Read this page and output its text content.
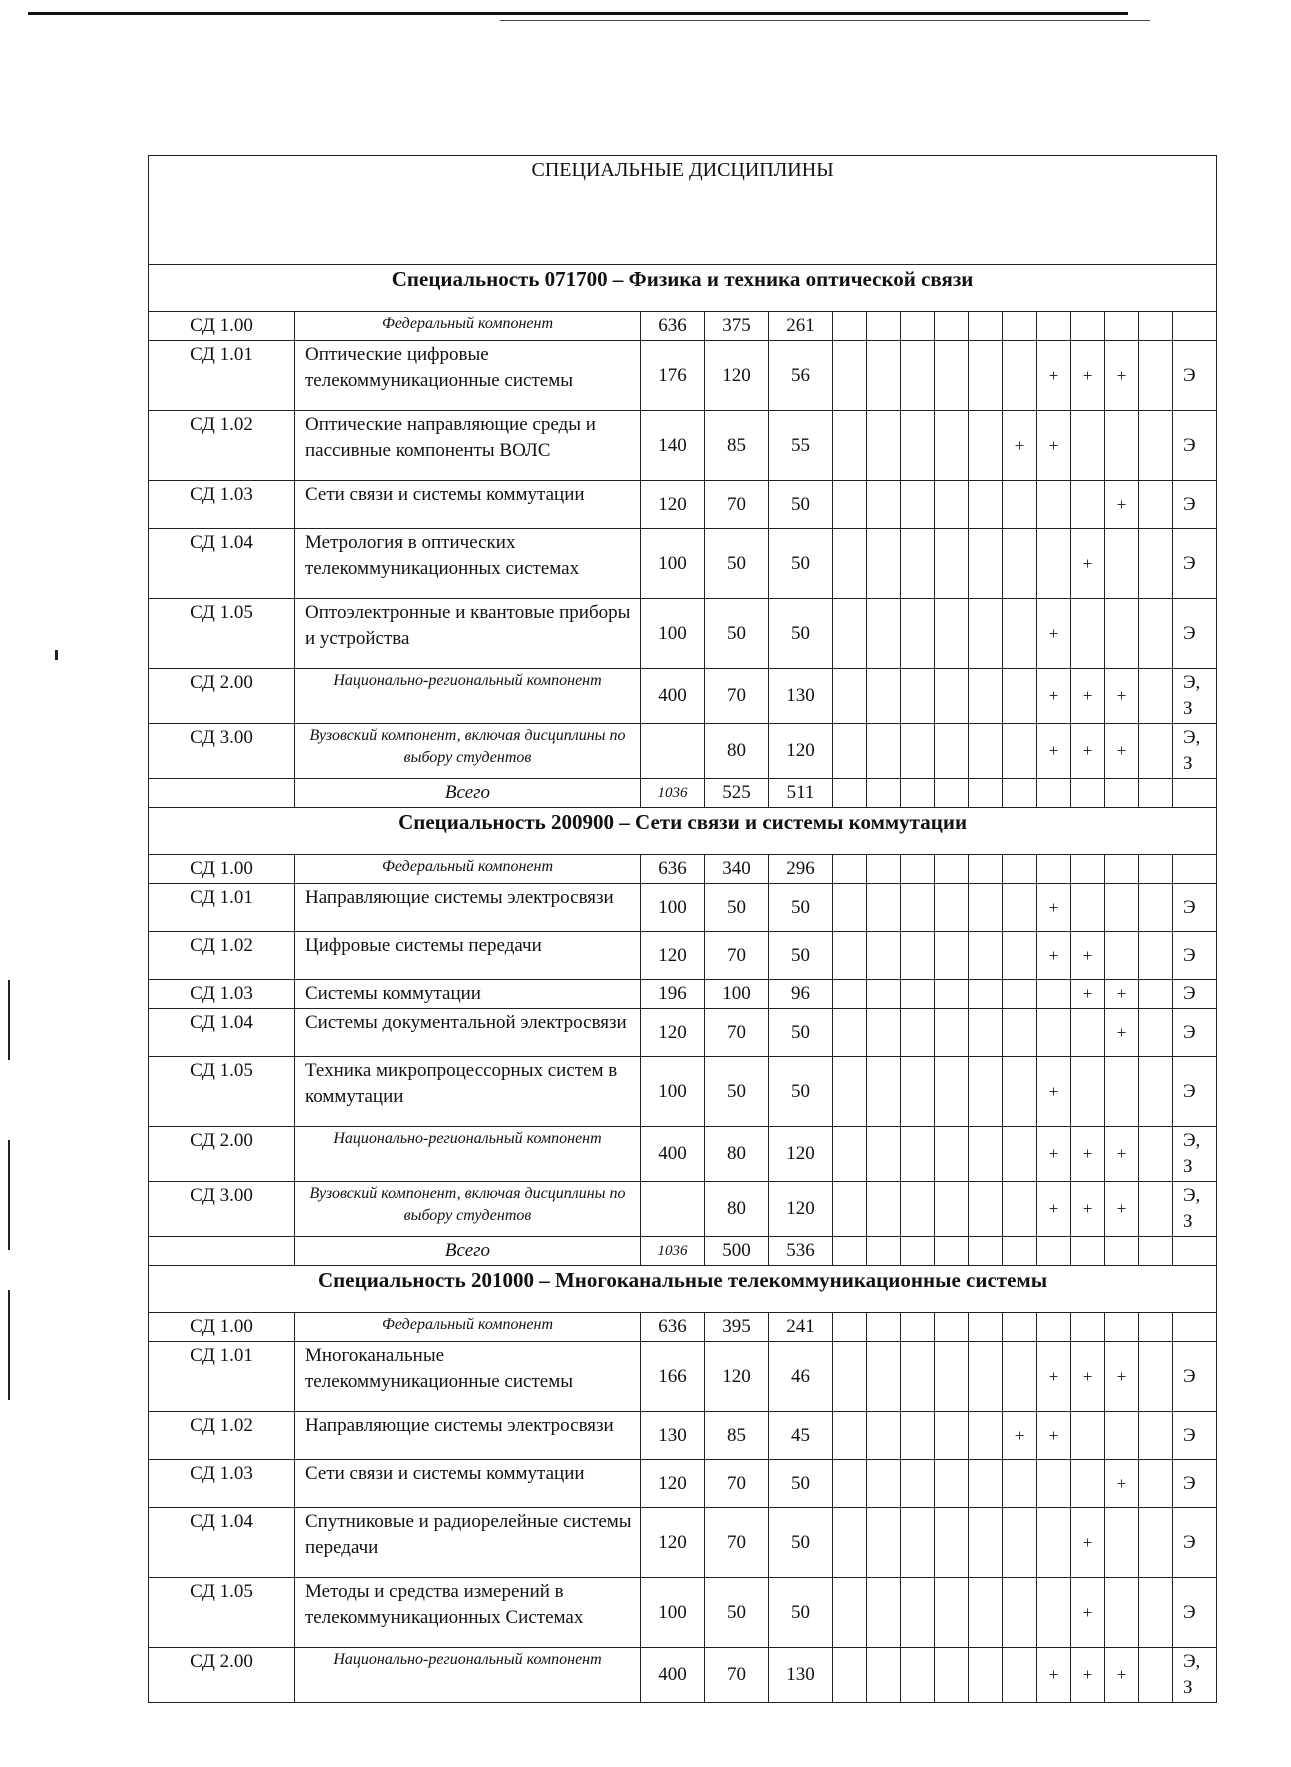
СПЕЦИАЛЬНЫЕ ДИСЦИПЛИНЫ															
Специальность 071700 – Физика и техника оптической связи															
СД 1.00	Федеральный компонент	636	375	261											
СД 1.01	Оптические цифровые телекоммуникационные системы	176	120	56							+	+	+		Э
СД 1.02	Оптические направляющие среды и пассивные компоненты ВОЛС	140	85	55						+	+				Э
СД 1.03	Сети связи и системы коммутации	120	70	50									+		Э
СД 1.04	Метрология в оптических телекоммуникационных системах	100	50	50								+			Э
СД 1.05	Оптоэлектронные и квантовые приборы и устройства	100	50	50							+				Э
СД 2.00	Национально-региональный компонент	400	70	130							+	+	+		Э, З
СД 3.00	Вузовский компонент, включая дисциплины по выбору студентов		80	120							+	+	+		Э, З
	Всего	1036	525	511											
Специальность 200900 – Сети связи и системы коммутации															
СД 1.00	Федеральный компонент	636	340	296											
СД 1.01	Направляющие системы электросвязи	100	50	50							+				Э
СД 1.02	Цифровые системы передачи	120	70	50							+	+			Э
СД 1.03	Системы коммутации	196	100	96								+	+		Э
СД 1.04	Системы документальной электросвязи	120	70	50									+		Э
СД 1.05	Техника микропроцессорных систем в коммутации	100	50	50							+				Э
СД 2.00	Национально-региональный компонент	400	80	120							+	+	+		Э, З
СД 3.00	Вузовский компонент, включая дисциплины по выбору студентов		80	120							+	+	+		Э, З
	Всего	1036	500	536											
Специальность 201000 – Многоканальные телекоммуникационные системы															
СД 1.00	Федеральный компонент	636	395	241											
СД 1.01	Многоканальные телекоммуникационные системы	166	120	46							+	+	+		Э
СД 1.02	Направляющие системы электросвязи	130	85	45						+	+				Э
СД 1.03	Сети связи и системы коммутации	120	70	50									+		Э
СД 1.04	Спутниковые и радиорелейные системы передачи	120	70	50								+			Э
СД 1.05	Методы и средства измерений в телекоммуникационных Системах	100	50	50								+			Э
СД 2.00	Национально-региональный компонент	400	70	130							+	+	+		Э, З
